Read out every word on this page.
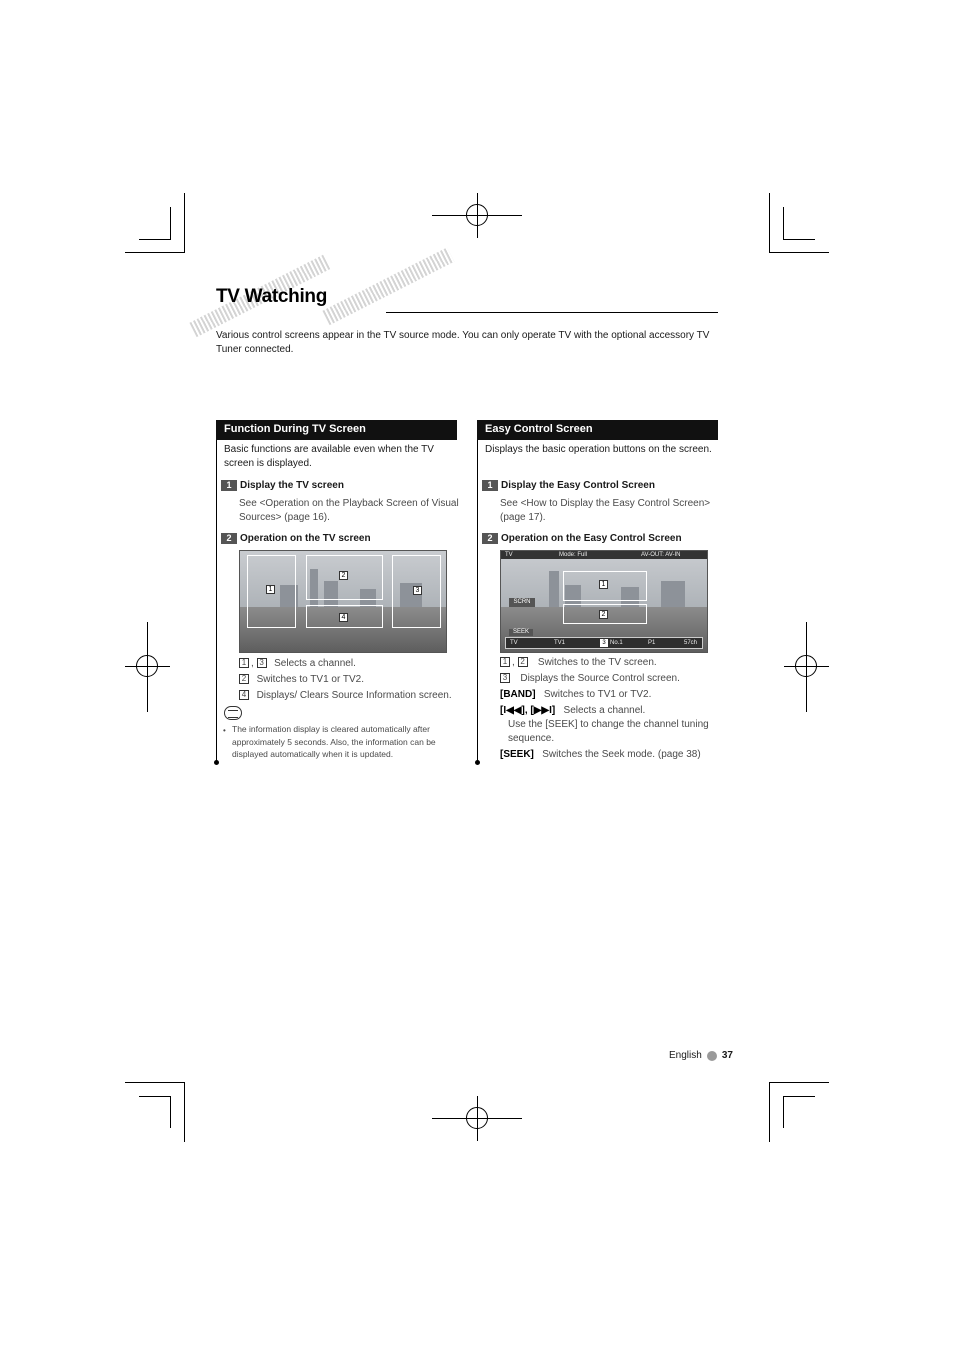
TV Watching
Various control screens appear in the TV source mode. You can only operate TV with the optional accessory TV Tuner connected.
Function During TV Screen
Basic functions are available even when the TV screen is displayed.
1 Display the TV screen
See <Operation on the Playback Screen of Visual Sources> (page 16).
2 Operation on the TV screen
1
2
3
4
1 , 3 Selects a channel.
2 Switches to TV1 or TV2.
4 Displays/ Clears Source Information screen.
• The information display is cleared automatically after approximately 5 seconds. Also, the information can be displayed automatically when it is updated.
Easy Control Screen
Displays the basic operation buttons on the screen.
1 Display the Easy Control Screen
See <How to Display the Easy Control Screen> (page 17).
2 Operation on the Easy Control Screen
TV	Mode: Full	AV-OUT: AV-IN
SCRN
SEEK
1
2
TV	TV1	3 No.1	P1	57ch
1 , 2 Switches to the TV screen.
3 Displays the Source Control screen.
[BAND] Switches to TV1 or TV2.
[I◀◀], [▶▶I] Selects a channel.
Use the [SEEK] to change the channel tuning sequence.
[SEEK] Switches the Seek mode. (page 38)
English 37
